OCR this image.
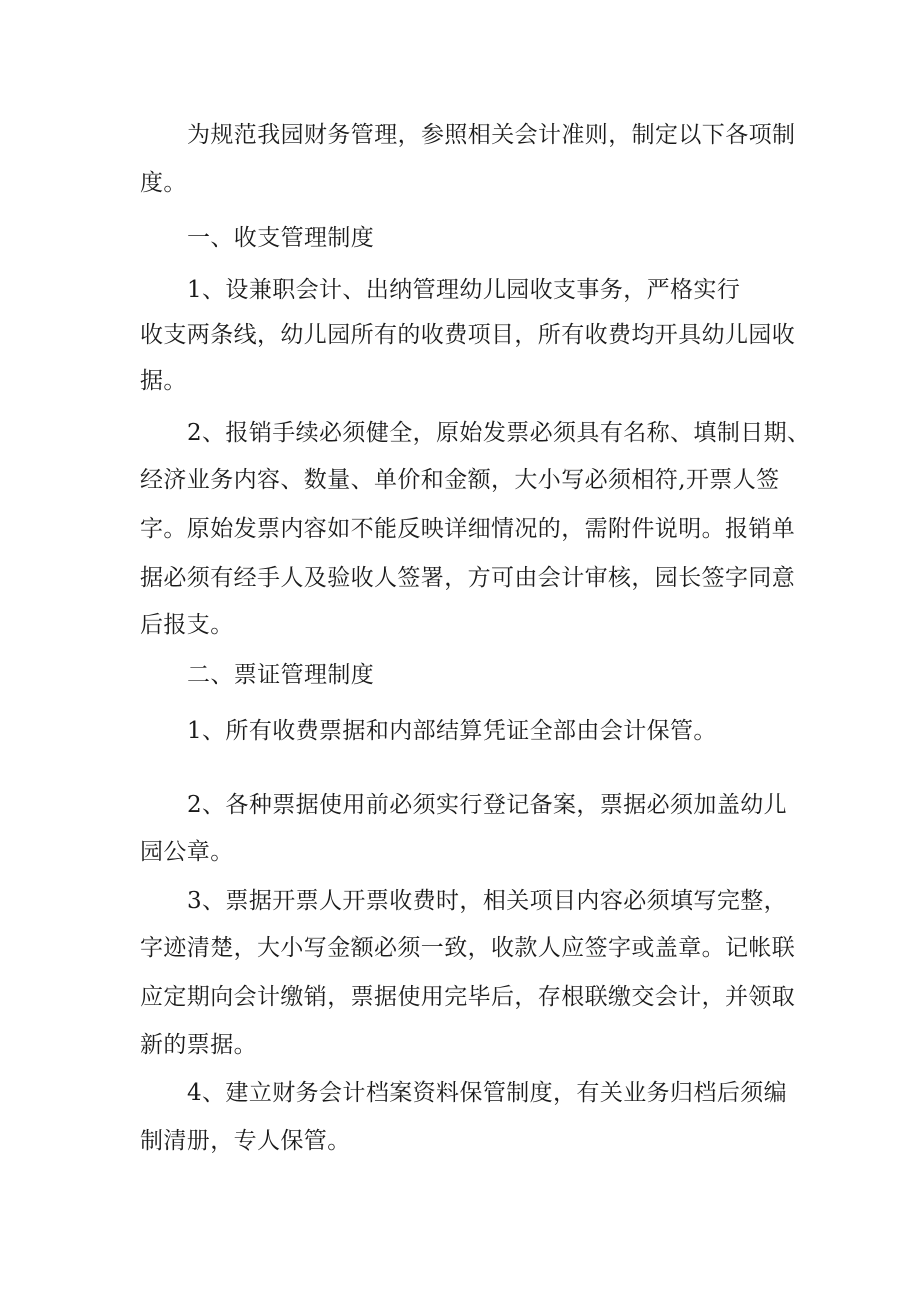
为规范我园财务管理，参照相关会计准则，制定以下各项制
度。
一、收支管理制度
1、设兼职会计、出纳管理幼儿园收支事务，严格实行
收支两条线，幼儿园所有的收费项目，所有收费均开具幼儿园收
据。
2、报销手续必须健全，原始发票必须具有名称、填制日期、
经济业务内容、数量、单价和金额，大小写必须相符,开票人签
字。原始发票内容如不能反映详细情况的，需附件说明。报销单
据必须有经手人及验收人签署，方可由会计审核，园长签字同意
后报支。
二、票证管理制度
1、所有收费票据和内部结算凭证全部由会计保管。
2、各种票据使用前必须实行登记备案，票据必须加盖幼儿
园公章。
3、票据开票人开票收费时，相关项目内容必须填写完整，
字迹清楚，大小写金额必须一致，收款人应签字或盖章。记帐联
应定期向会计缴销，票据使用完毕后，存根联缴交会计，并领取
新的票据。
4、建立财务会计档案资料保管制度，有关业务归档后须编
制清册，专人保管。
